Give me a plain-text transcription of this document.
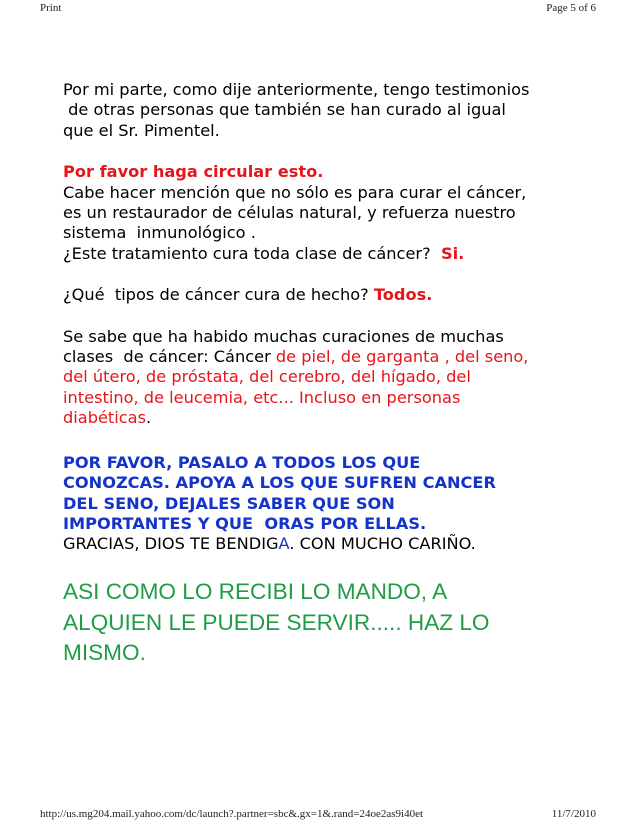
Print	Page 5 of 6
Por mi parte, como dije anteriormente, tengo testimonios
de otras personas que también se han curado al igual
que el Sr. Pimentel.
Por favor haga circular esto.
Cabe hacer mención que no sólo es para curar el cáncer,
es un restaurador de células natural, y refuerza nuestro
sistema  inmunológico .
¿Este tratamiento cura toda clase de cáncer?  Si.
¿Qué  tipos de cáncer cura de hecho? Todos.
Se sabe que ha habido muchas curaciones de muchas
clases  de cáncer: Cáncer de piel, de garganta , del seno,
del útero, de próstata, del cerebro, del hígado, del
intestino, de leucemia, etc... Incluso en personas
diabéticas.
POR FAVOR, PASALO A TODOS LOS QUE
CONOZCAS. APOYA A LOS QUE SUFREN CANCER
DEL SENO, DEJALES SABER QUE SON
IMPORTANTES Y QUE  ORAS POR ELLAS.
GRACIAS, DIOS TE BENDIGA. CON MUCHO CARIÑO.
ASI COMO LO RECIBI LO MANDO, A
ALQUIEN LE PUEDE SERVIR..... HAZ LO
MISMO.
http://us.mg204.mail.yahoo.com/dc/launch?.partner=sbc&.gx=1&.rand=24oe2as9i40et	11/7/2010
